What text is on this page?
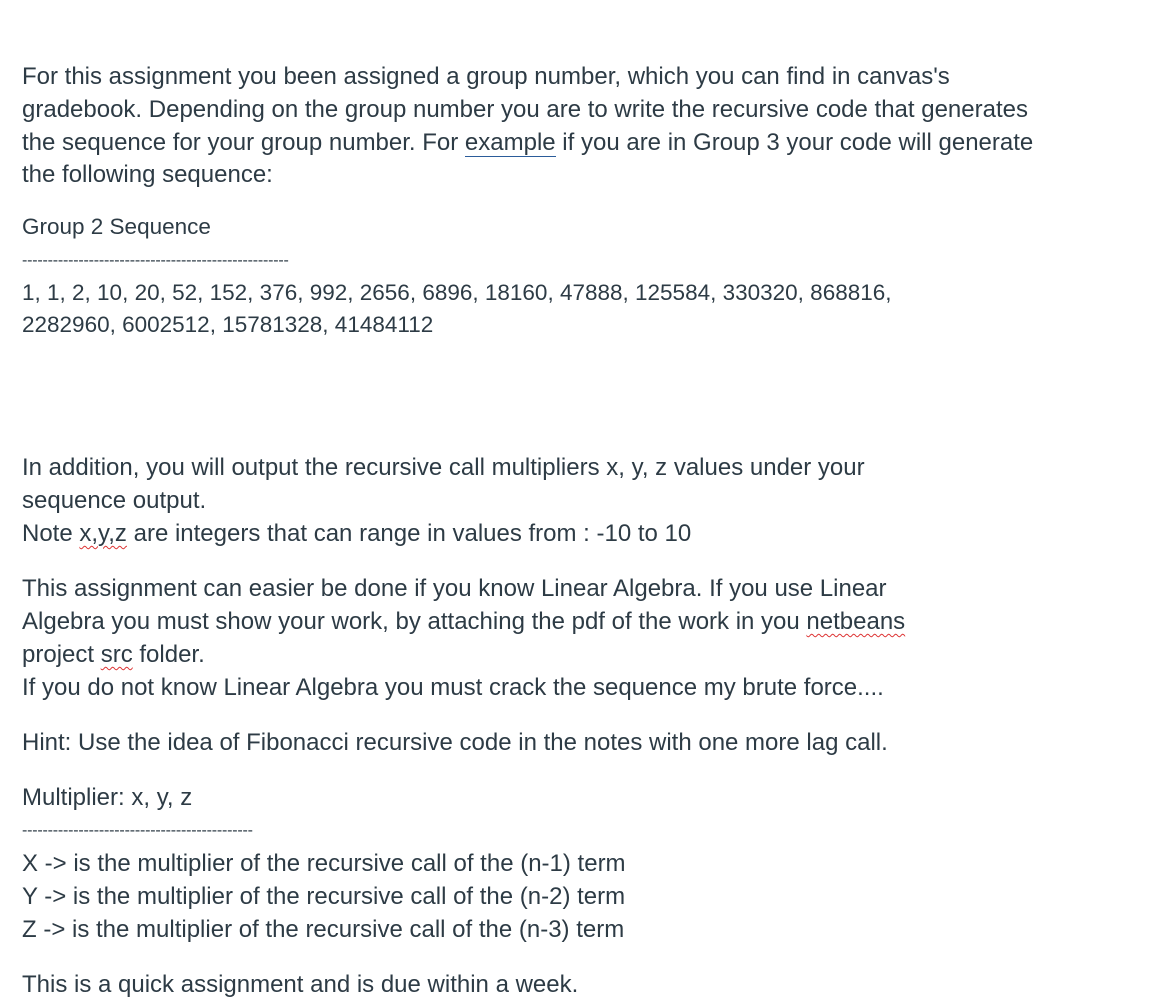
For this assignment you been assigned a group number, which you can find in canvas's

gradebook. Depending on the group number you are to write the recursive code that generates

the sequence for your group number. For example if you are in Group 3 your code will generate

the following sequence:

Group 2 Sequence

----------------------------------------------------

1, 1, 2, 10, 20, 52, 152, 376, 992, 2656, 6896, 18160, 47888, 125584, 330320, 868816,

2282960, 6002512, 15781328, 41484112

In addition, you will output the recursive call multipliers x, y, z values under your

sequence output.

Note x,y,z are integers that can range in values from : -10 to 10

This assignment can easier be done if you know Linear Algebra. If you use Linear

Algebra you must show your work, by attaching the pdf of the work in you netbeans

project src folder.

If you do not know Linear Algebra you must crack the sequence my brute force....

Hint: Use the idea of Fibonacci recursive code in the notes with one more lag call.

Multiplier: x, y, z

---------------------------------------------

X -> is the multiplier of the recursive call of the (n-1) term

Y -> is the multiplier of the recursive call of the (n-2) term

Z -> is the multiplier of the recursive call of the (n-3) term

This is a quick assignment and is due within a week.
